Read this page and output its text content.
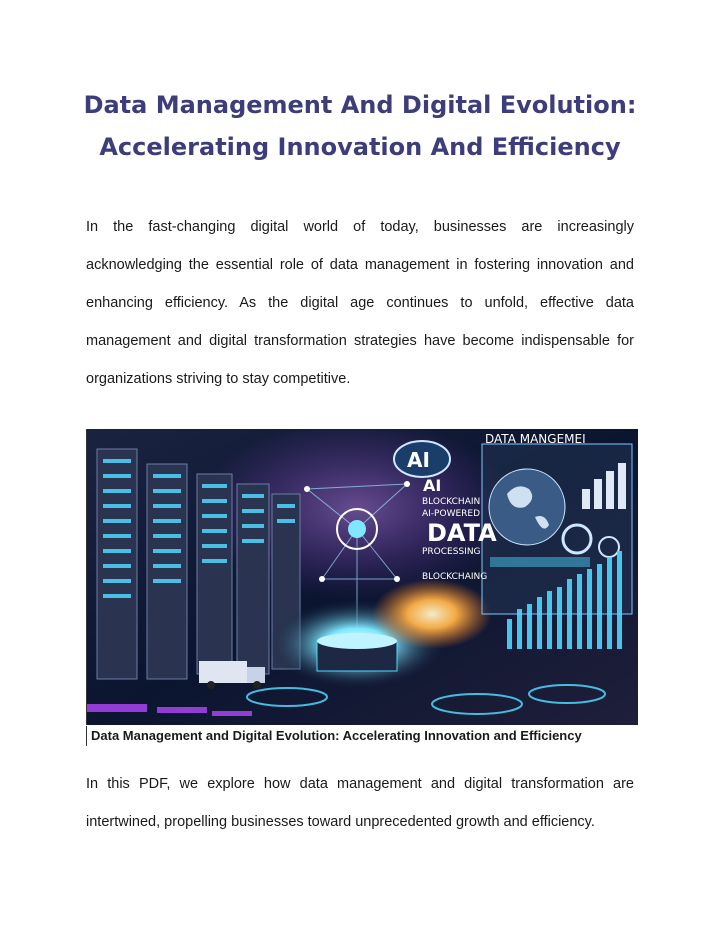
Data Management And Digital Evolution:
Accelerating Innovation And Efficiency

In the fast-changing digital world of today, businesses are increasingly acknowledging the essential role of data management in fostering innovation and enhancing efficiency. As the digital age continues to unfold, effective data management and digital transformation strategies have become indispensable for organizations striving to stay competitive.

DATA MANGEMEI
AI
AI
BLOCKCHAIN
AI-POWERED
DATA
PROCESSING
BLOCKCHAING
Data Management and Digital Evolution: Accelerating Innovation and Efficiency

In this PDF, we explore how data management and digital transformation are intertwined, propelling businesses toward unprecedented growth and efficiency.
